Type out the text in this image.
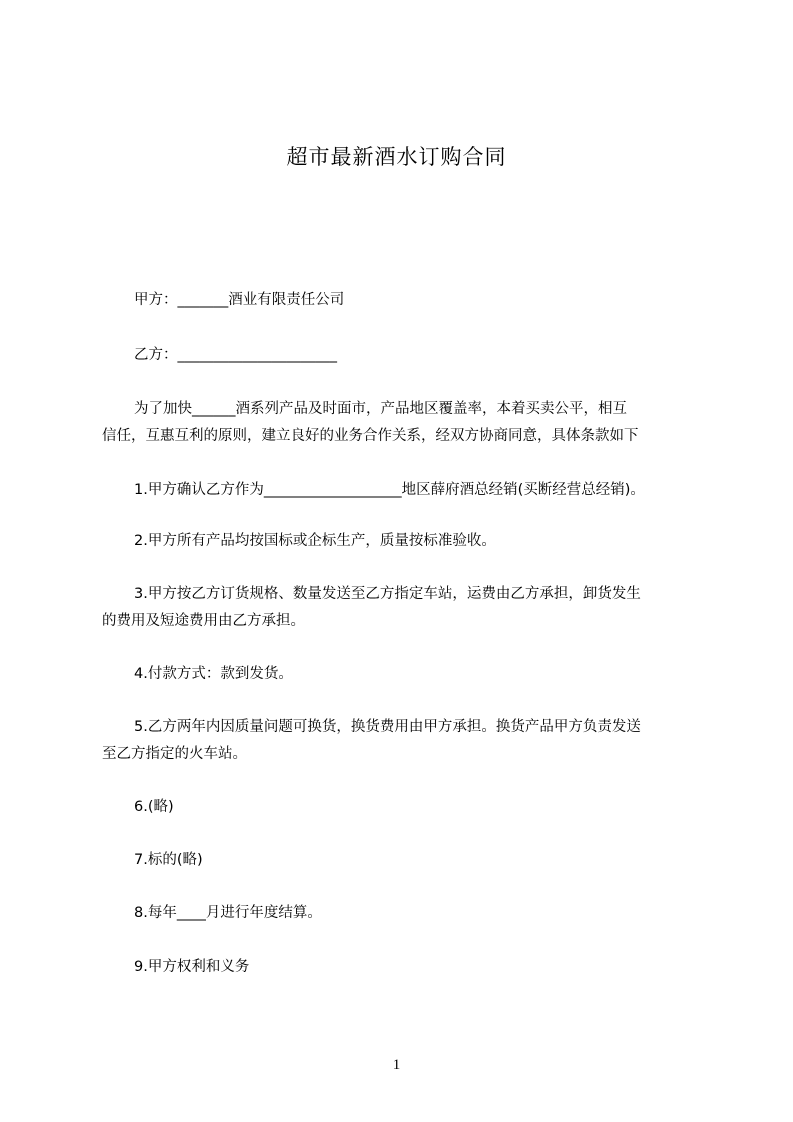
超市最新酒水订购合同
甲方：_______酒业有限责任公司
乙方：______________________
为了加快______酒系列产品及时面市，产品地区覆盖率，本着买卖公平，相互
信任，互惠互利的原则，建立良好的业务合作关系，经双方协商同意，具体条款如下
1.甲方确认乙方作为___________________地区薛府酒总经销(买断经营总经销)。
2.甲方所有产品均按国标或企标生产，质量按标准验收。
3.甲方按乙方订货规格、数量发送至乙方指定车站，运费由乙方承担，卸货发生
的费用及短途费用由乙方承担。
4.付款方式：款到发货。
5.乙方两年内因质量问题可换货，换货费用由甲方承担。换货产品甲方负责发送
至乙方指定的火车站。
6.(略)
7.标的(略)
8.每年____月进行年度结算。
9.甲方权利和义务
1
